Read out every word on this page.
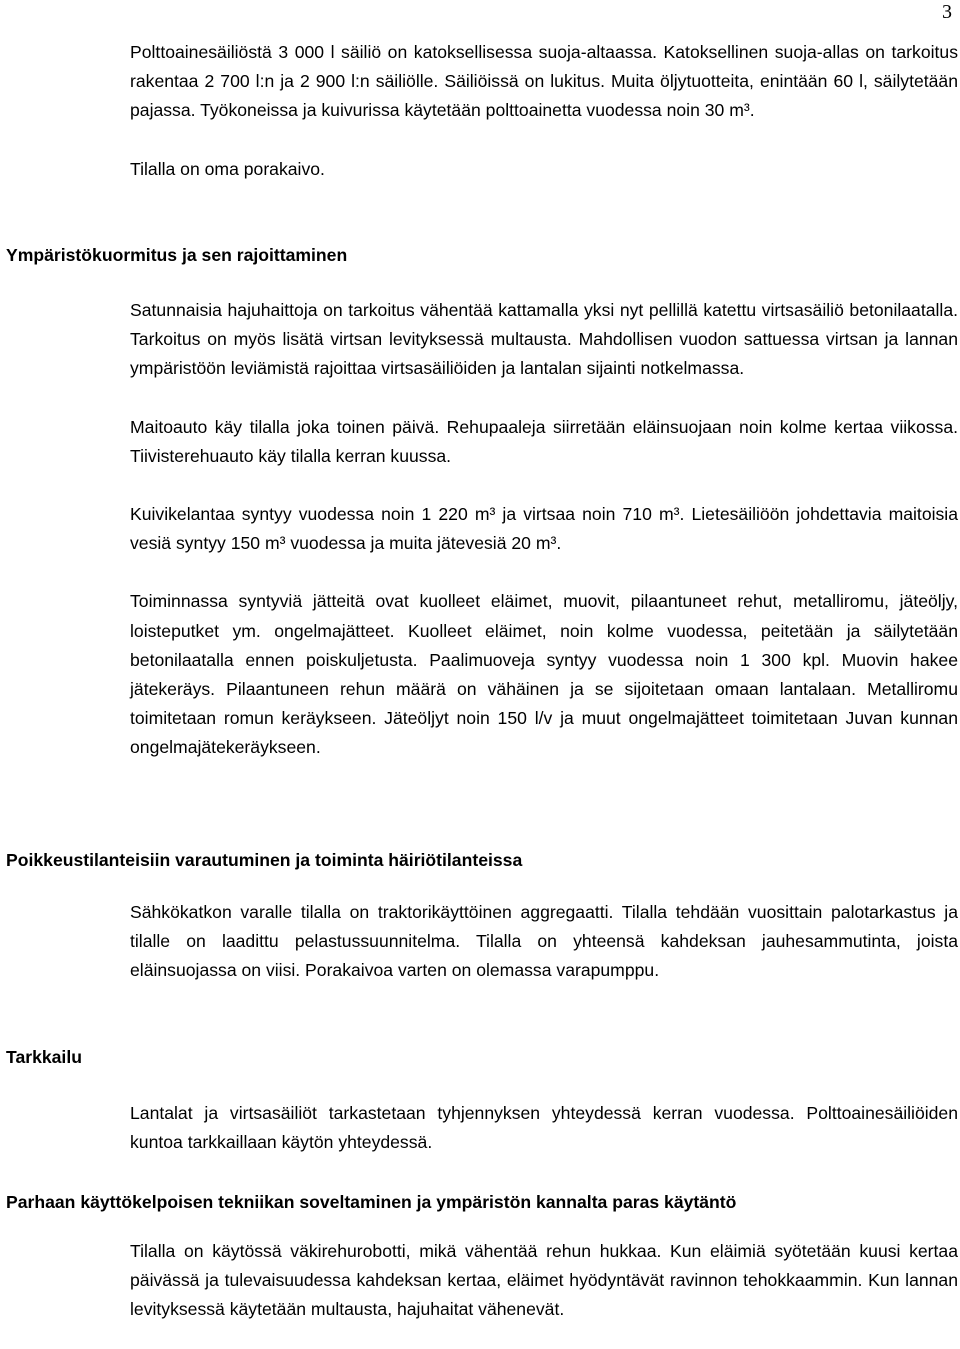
3

Polttoainesäiliöstä 3 000 l säiliö on katoksellisessa suoja-altaassa. Katoksellinen suoja-allas on tarkoitus rakentaa 2 700 l:n ja 2 900 l:n säiliölle. Säiliöissä on lukitus. Muita öljytuotteita, enintään 60 l, säilytetään pajassa. Työkoneissa ja kuivurissa käytetään polttoainetta vuodessa noin 30 m³.

Tilalla on oma porakaivo.

Ympäristökuormitus ja sen rajoittaminen

Satunnaisia hajuhaittoja on tarkoitus vähentää kattamalla yksi nyt pellillä katettu virtsasäiliö betonilaatalla. Tarkoitus on myös lisätä virtsan levityksessä multausta. Mahdollisen vuodon sattuessa virtsan ja lannan ympäristöön leviämistä rajoittaa virtsasäiliöiden ja lantalan sijainti notkelmassa.

Maitoauto käy tilalla joka toinen päivä. Rehupaaleja siirretään eläinsuojaan noin kolme kertaa viikossa. Tiivisterehuauto käy tilalla kerran kuussa.

Kuivikelantaa syntyy vuodessa noin 1 220 m³ ja virtsaa noin 710 m³. Lietesäiliöön johdettavia maitoisia vesiä syntyy 150 m³ vuodessa ja muita jätevesiä 20 m³.

Toiminnassa syntyviä jätteitä ovat kuolleet eläimet, muovit, pilaantuneet rehut, metalliromu, jäteöljy, loisteputket ym. ongelmajätteet. Kuolleet eläimet, noin kolme vuodessa, peitetään ja säilytetään betonilaatalla ennen poiskuljetusta. Paalimuoveja syntyy vuodessa noin 1 300 kpl. Muovin hakee jätekeräys. Pilaantuneen rehun määrä on vähäinen ja se sijoitetaan omaan lantalaan. Metalliromu toimitetaan romun keräykseen. Jäteöljyt noin 150 l/v ja muut ongelmajätteet toimitetaan Juvan kunnan ongelmajätekeräykseen.

Poikkeustilanteisiin varautuminen ja toiminta häiriötilanteissa

Sähkökatkon varalle tilalla on traktorikäyttöinen aggregaatti. Tilalla tehdään vuosittain palotarkastus ja tilalle on laadittu pelastussuunnitelma. Tilalla on yhteensä kahdeksan jauhesammutinta, joista eläinsuojassa on viisi. Porakaivoa varten on olemassa varapumppu.

Tarkkailu

Lantalat ja virtsasäiliöt tarkastetaan tyhjennyksen yhteydessä kerran vuodessa. Polttoainesäiliöiden kuntoa tarkkaillaan käytön yhteydessä.

Parhaan käyttökelpoisen tekniikan soveltaminen ja ympäristön kannalta paras käytäntö

Tilalla on käytössä väkirehurobotti, mikä vähentää rehun hukkaa. Kun eläimiä syötetään kuusi kertaa päivässä ja tulevaisuudessa kahdeksan kertaa, eläimet hyödyntävät ravinnon tehokkaammin. Kun lannan levityksessä käytetään multausta, hajuhaitat vähenevät.
